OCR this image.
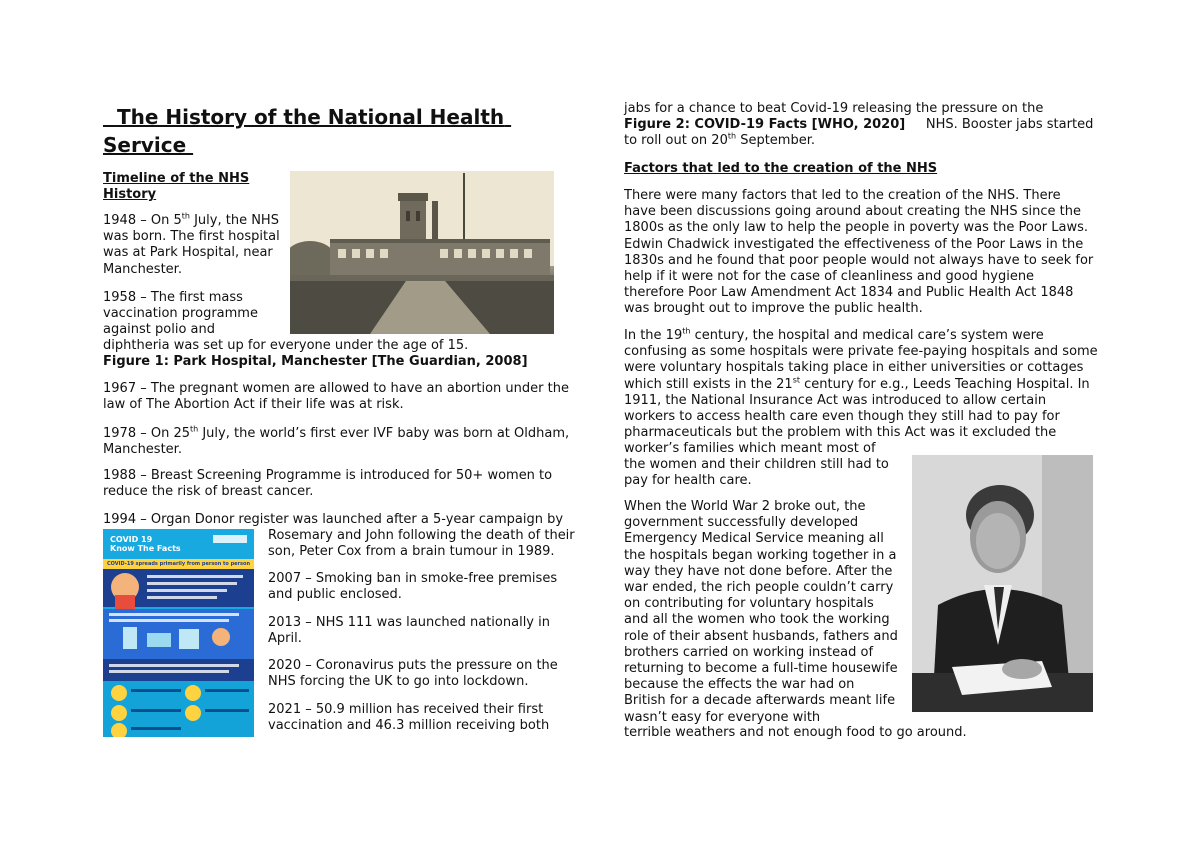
The History of the National Health Service
Timeline of the NHS History
1948 – On 5th July, the NHS was born. The first hospital was at Park Hospital, near Manchester.
1958 – The first mass vaccination programme against polio and
diphtheria was set up for everyone under the age of 15.
Figure 1: Park Hospital, Manchester [The Guardian, 2008]
1967 – The pregnant women are allowed to have an abortion under the law of The Abortion Act if their life was at risk.
1978 – On 25th July, the world’s first ever IVF baby was born at Oldham, Manchester.
1988 – Breast Screening Programme is introduced for 50+ women to reduce the risk of breast cancer.
1994 – Organ Donor register was launched after a 5-year campaign by
COVID 19
Know The Facts
COVID-19 spreads primarily from person to person
Rosemary and John following the death of their son, Peter Cox from a brain tumour in 1989.
2007 – Smoking ban in smoke-free premises and public enclosed.
2013 – NHS 111 was launched nationally in April.
2020 – Coronavirus puts the pressure on the NHS forcing the UK to go into lockdown.
2021 – 50.9 million has received their first vaccination and 46.3 million receiving both
jabs for a chance to beat Covid-19 releasing the pressure on the Figure 2: COVID-19 Facts [WHO, 2020]     NHS. Booster jabs started to roll out on 20th September.
Factors that led to the creation of the NHS
There were many factors that led to the creation of the NHS. There have been discussions going around about creating the NHS since the 1800s as the only law to help the people in poverty was the Poor Laws. Edwin Chadwick investigated the effectiveness of the Poor Laws in the 1830s and he found that poor people would not always have to seek for help if it were not for the case of cleanliness and good hygiene therefore Poor Law Amendment Act 1834 and Public Health Act 1848 was brought out to improve the public health.
In the 19th century, the hospital and medical care’s system were confusing as some hospitals were private fee-paying hospitals and some were voluntary hospitals taking place in either universities or cottages which still exists in the 21st century for e.g., Leeds Teaching Hospital. In 1911, the National Insurance Act was introduced to allow certain workers to access health care even though they still had to pay for pharmaceuticals but the problem with this Act was it excluded the
worker’s families which meant most of the women and their children still had to pay for health care.
When the World War 2 broke out, the government successfully developed Emergency Medical Service meaning all the hospitals began working together in a way they have not done before. After the war ended, the rich people couldn’t carry on contributing for voluntary hospitals and all the women who took the working role of their absent husbands, fathers and brothers carried on working instead of returning to become a full-time housewife because the effects the war had on British for a decade afterwards meant life wasn’t easy for everyone with
terrible weathers and not enough food to go around.
